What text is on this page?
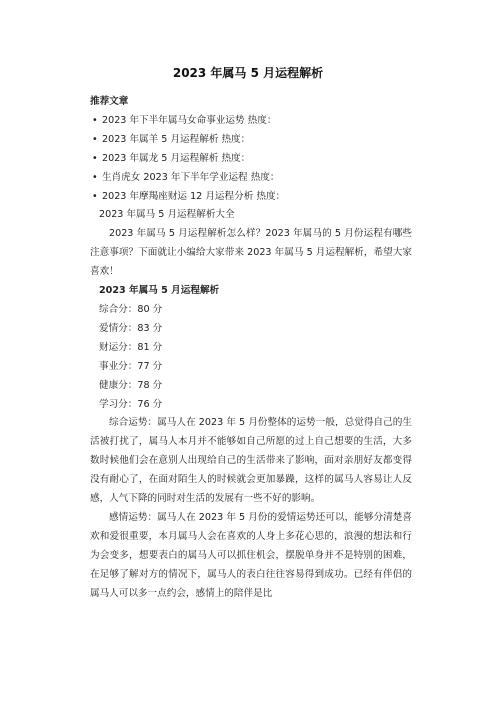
2023 年属马 5 月运程解析

推荐文章

• 2023 年下半年属马女命事业运势 热度：
• 2023 年属羊 5 月运程解析 热度：
• 2023 年属龙 5 月运程解析 热度：
• 生肖虎女 2023 年下半年学业运程 热度：
• 2023 年摩羯座财运 12 月运程分析 热度：

2023 年属马 5 月运程解析大全

2023 年属马 5 月运程解析怎么样？2023 年属马的 5 月份运程有哪些注意事项？下面就让小编给大家带来 2023 年属马 5 月运程解析，希望大家喜欢！

2023 年属马 5 月运程解析

综合分：80 分

爱情分：83 分

财运分：81 分

事业分：77 分

健康分：78 分

学习分：76 分

综合运势：属马人在 2023 年 5 月份整体的运势一般，总觉得自己的生活被打扰了，属马人本月并不能够如自己所愿的过上自己想要的生活，大多数时候他们会在意别人出现给自己的生活带来了影响，面对亲朋好友都变得没有耐心了，在面对陌生人的时候就会更加暴躁，这样的属马人容易让人反感，人气下降的同时对生活的发展有一些不好的影响。

感情运势：属马人在 2023 年 5 月份的爱情运势还可以，能够分清楚喜欢和爱很重要，本月属马人会在喜欢的人身上多花心思的，浪漫的想法和行为会变多，想要表白的属马人可以抓住机会，摆脱单身并不是特别的困难，在足够了解对方的情况下，属马人的表白往往容易得到成功。已经有伴侣的属马人可以多一点约会，感情上的陪伴是比
